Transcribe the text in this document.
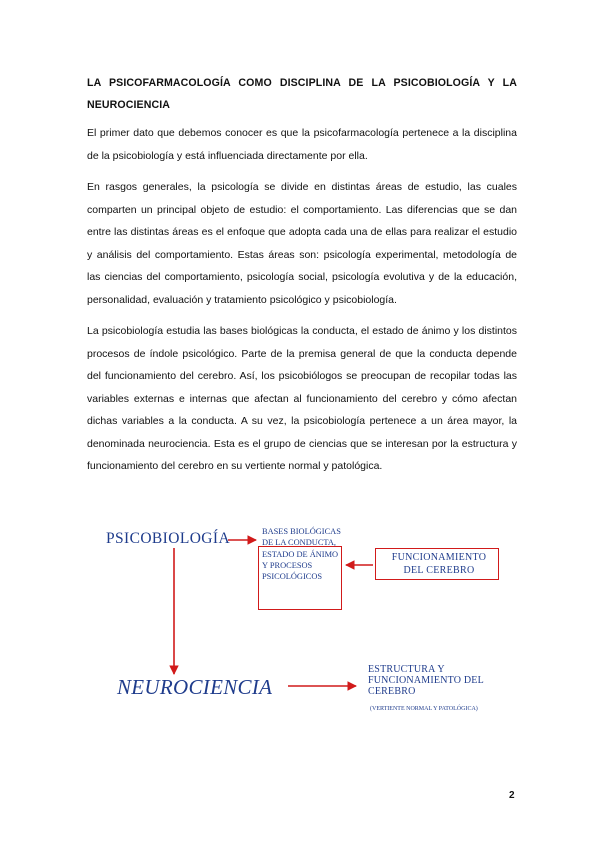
LA PSICOFARMACOLOGÍA COMO DISCIPLINA DE LA PSICOBIOLOGÍA Y LA NEUROCIENCIA

El primer dato que debemos conocer es que la psicofarmacología pertenece a la disciplina de la psicobiología y está influenciada directamente por ella.

En rasgos generales, la psicología se divide en distintas áreas de estudio, las cuales comparten un principal objeto de estudio: el comportamiento. Las diferencias que se dan entre las distintas áreas es el enfoque que adopta cada una de ellas para realizar el estudio y análisis del comportamiento. Estas áreas son: psicología experimental, metodología de las ciencias del comportamiento, psicología social, psicología evolutiva y de la educación, personalidad, evaluación y tratamiento psicológico y psicobiología.

La psicobiología estudia las bases biológicas la conducta, el estado de ánimo y los distintos procesos de índole psicológico. Parte de la premisa general de que la conducta depende del funcionamiento del cerebro. Así, los psicobiólogos se preocupan de recopilar todas las variables externas e internas que afectan al funcionamiento del cerebro y cómo afectan dichas variables a la conducta. A su vez, la psicobiología pertenece a un área mayor, la denominada neurociencia. Esta es el grupo de ciencias que se interesan por la estructura y funcionamiento del cerebro en su vertiente normal y patológica.

PSICOBIOLOGÍA	BASES BIOLÓGICAS DE LA CONDUCTA, ESTADO DE ÁNIMO Y PROCESOS PSICOLÓGICOS
FUNCIONAMIENTO DEL CEREBRO
NEUROCIENCIA
ESTRUCTURA Y FUNCIONAMIENTO DEL CEREBRO
(VERTIENTE NORMAL Y PATOLÓGICA)
2
